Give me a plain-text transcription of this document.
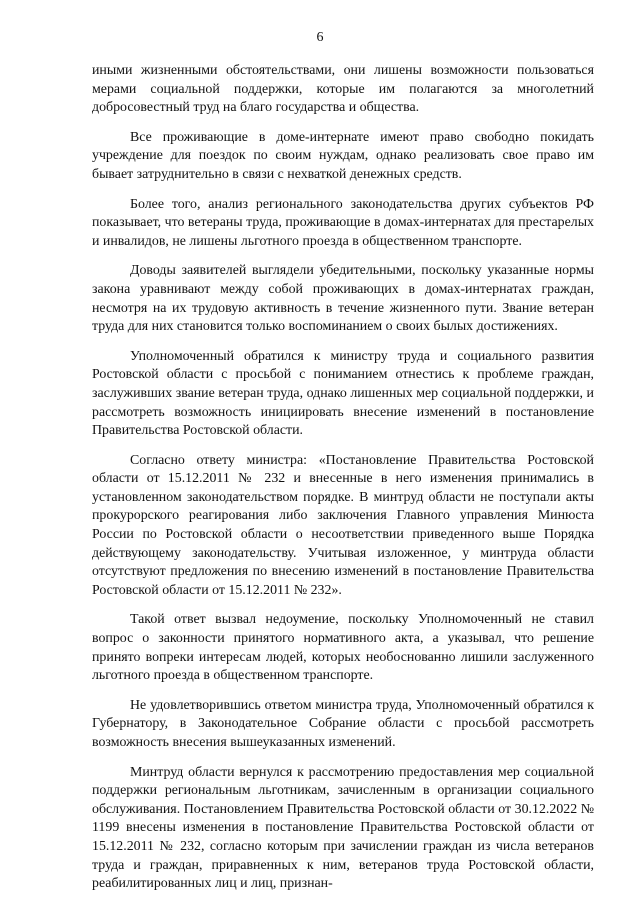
6

иными жизненными обстоятельствами, они лишены возможности пользоваться мерами социальной поддержки, которые им полагаются за многолетний добросовестный труд на благо государства и общества.

Все проживающие в доме-интернате имеют право свободно покидать учреждение для поездок по своим нуждам, однако реализовать свое право им бывает затруднительно в связи с нехваткой денежных средств.

Более того, анализ регионального законодательства других субъектов РФ показывает, что ветераны труда, проживающие в домах-интернатах для престарелых и инвалидов, не лишены льготного проезда в общественном транспорте.

Доводы заявителей выглядели убедительными, поскольку указанные нормы закона уравнивают между собой проживающих в домах-интернатах граждан, несмотря на их трудовую активность в течение жизненного пути. Звание ветеран труда для них становится только воспоминанием о своих былых достижениях.

Уполномоченный обратился к министру труда и социального развития Ростовской области с просьбой с пониманием отнестись к проблеме граждан, заслуживших звание ветеран труда, однако лишенных мер социальной поддержки, и рассмотреть возможность инициировать внесение изменений в постановление Правительства Ростовской области.

Согласно ответу министра: «Постановление Правительства Ростовской области от 15.12.2011 № 232 и внесенные в него изменения принимались в установленном законодательством порядке. В минтруд области не поступали акты прокурорского реагирования либо заключения Главного управления Минюста России по Ростовской области о несоответствии приведенного выше Порядка действующему законодательству. Учитывая изложенное, у минтруда области отсутствуют предложения по внесению изменений в постановление Правительства Ростовской области от 15.12.2011 № 232».

Такой ответ вызвал недоумение, поскольку Уполномоченный не ставил вопрос о законности принятого нормативного акта, а указывал, что решение принято вопреки интересам людей, которых необоснованно лишили заслуженного льготного проезда в общественном транспорте.

Не удовлетворившись ответом министра труда, Уполномоченный обратился к Губернатору, в Законодательное Собрание области с просьбой рассмотреть возможность внесения вышеуказанных изменений.

Минтруд области вернулся к рассмотрению предоставления мер социальной поддержки региональным льготникам, зачисленным в организации социального обслуживания. Постановлением Правительства Ростовской области от 30.12.2022 № 1199 внесены изменения в постановление Правительства Ростовской области от 15.12.2011 № 232, согласно которым при зачислении граждан из числа ветеранов труда и граждан, приравненных к ним, ветеранов труда Ростовской области, реабилитированных лиц и лиц, признан-
